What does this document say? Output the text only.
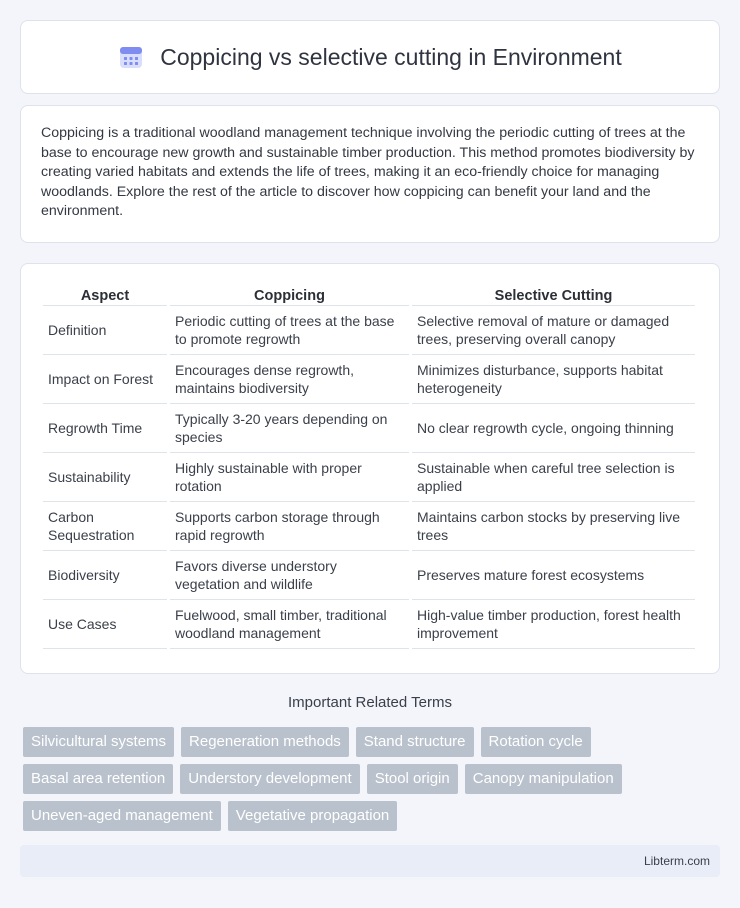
Coppicing vs selective cutting in Environment

Coppicing is a traditional woodland management technique involving the periodic cutting of trees at the base to encourage new growth and sustainable timber production. This method promotes biodiversity by creating varied habitats and extends the life of trees, making it an eco-friendly choice for managing woodlands. Explore the rest of the article to discover how coppicing can benefit your land and the environment.

Aspect	Coppicing	Selective Cutting
Definition	Periodic cutting of trees at the base to promote regrowth	Selective removal of mature or damaged trees, preserving overall canopy
Impact on Forest	Encourages dense regrowth, maintains biodiversity	Minimizes disturbance, supports habitat heterogeneity
Regrowth Time	Typically 3-20 years depending on species	No clear regrowth cycle, ongoing thinning
Sustainability	Highly sustainable with proper rotation	Sustainable when careful tree selection is applied
Carbon Sequestration	Supports carbon storage through rapid regrowth	Maintains carbon stocks by preserving live trees
Biodiversity	Favors diverse understory vegetation and wildlife	Preserves mature forest ecosystems
Use Cases	Fuelwood, small timber, traditional woodland management	High-value timber production, forest health improvement
Important Related Terms
Silvicultural systems	Regeneration methods	Stand structure	Rotation cycle
Basal area retention	Understory development	Stool origin	Canopy manipulation
Uneven-aged management	Vegetative propagation
Libterm.com
